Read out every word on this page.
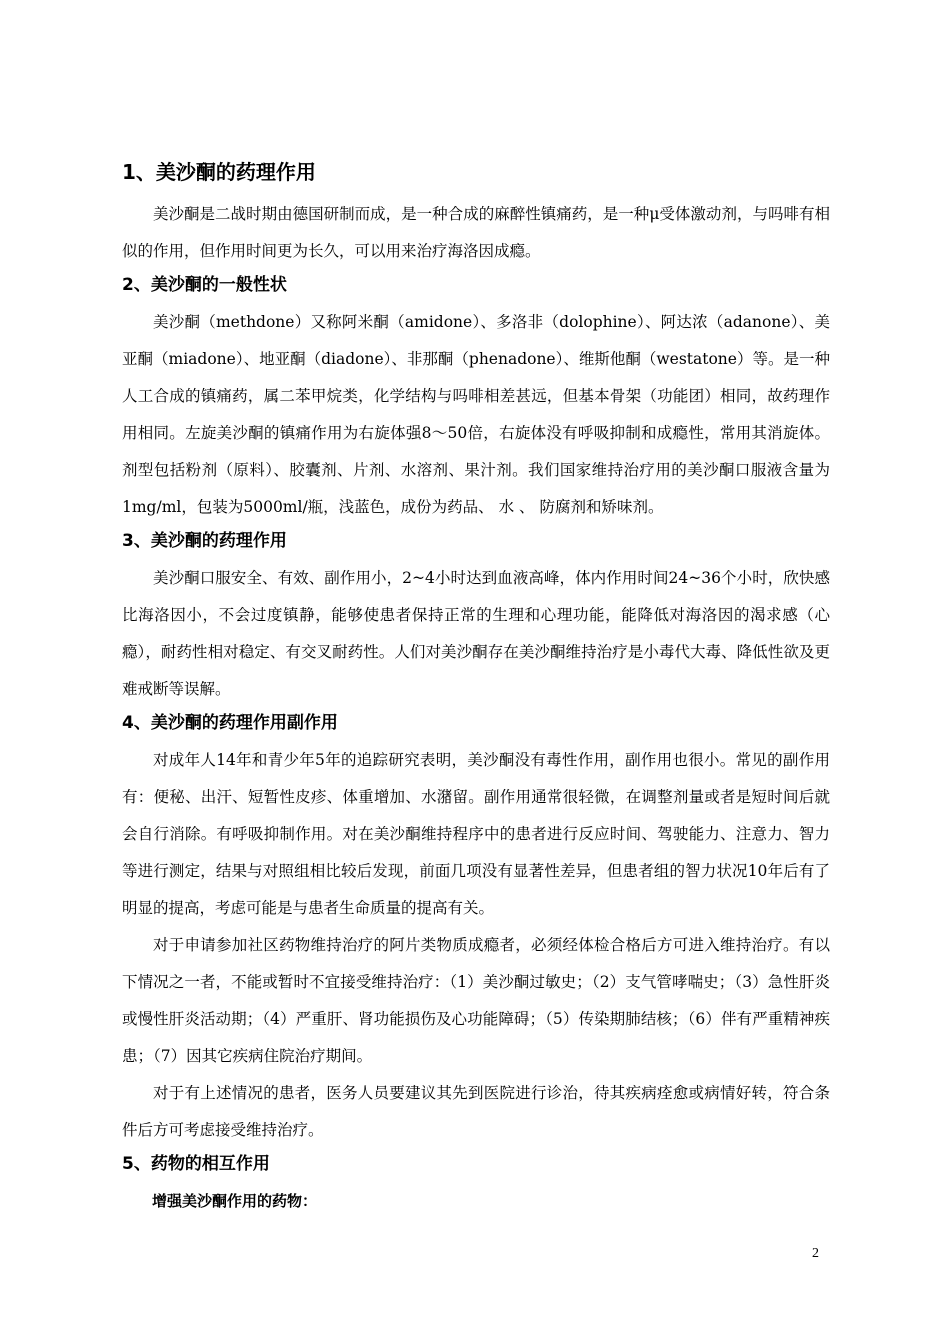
1、美沙酮的药理作用

美沙酮是二战时期由德国研制而成，是一种合成的麻醉性镇痛药，是一种μ受体激动剂，与吗啡有相似的作用，但作用时间更为长久，可以用来治疗海洛因成瘾。

2、美沙酮的一般性状

美沙酮（methdone）又称阿米酮（amidone）、多洛非（dolophine）、阿达浓（adanone）、美亚酮（miadone）、地亚酮（diadone）、非那酮（phenadone）、维斯他酮（westatone）等。是一种人工合成的镇痛药，属二苯甲烷类，化学结构与吗啡相差甚远，但基本骨架（功能团）相同，故药理作用相同。左旋美沙酮的镇痛作用为右旋体强8～50倍，右旋体没有呼吸抑制和成瘾性，常用其消旋体。剂型包括粉剂（原料）、胶囊剂、片剂、水溶剂、果汁剂。我们国家维持治疗用的美沙酮口服液含量为1mg/ml，包装为5000ml/瓶，浅蓝色，成份为药品、 水 、 防腐剂和矫味剂。

3、美沙酮的药理作用

美沙酮口服安全、有效、副作用小，2~4小时达到血液高峰，体内作用时间24~36个小时，欣快感比海洛因小，不会过度镇静，能够使患者保持正常的生理和心理功能，能降低对海洛因的渴求感（心瘾），耐药性相对稳定、有交叉耐药性。人们对美沙酮存在美沙酮维持治疗是小毒代大毒、降低性欲及更难戒断等误解。

4、美沙酮的药理作用副作用

对成年人14年和青少年5年的追踪研究表明，美沙酮没有毒性作用，副作用也很小。常见的副作用有：便秘、出汗、短暂性皮疹、体重增加、水潴留。副作用通常很轻微，在调整剂量或者是短时间后就会自行消除。有呼吸抑制作用。对在美沙酮维持程序中的患者进行反应时间、驾驶能力、注意力、智力等进行测定，结果与对照组相比较后发现，前面几项没有显著性差异，但患者组的智力状况10年后有了明显的提高，考虑可能是与患者生命质量的提高有关。

对于申请参加社区药物维持治疗的阿片类物质成瘾者，必须经体检合格后方可进入维持治疗。有以下情况之一者，不能或暂时不宜接受维持治疗：（1）美沙酮过敏史；（2）支气管哮喘史；（3）急性肝炎或慢性肝炎活动期；（4）严重肝、肾功能损伤及心功能障碍；（5）传染期肺结核；（6）伴有严重精神疾患；（7）因其它疾病住院治疗期间。

对于有上述情况的患者，医务人员要建议其先到医院进行诊治，待其疾病痊愈或病情好转，符合条件后方可考虑接受维持治疗。

5、药物的相互作用

增强美沙酮作用的药物：

2
